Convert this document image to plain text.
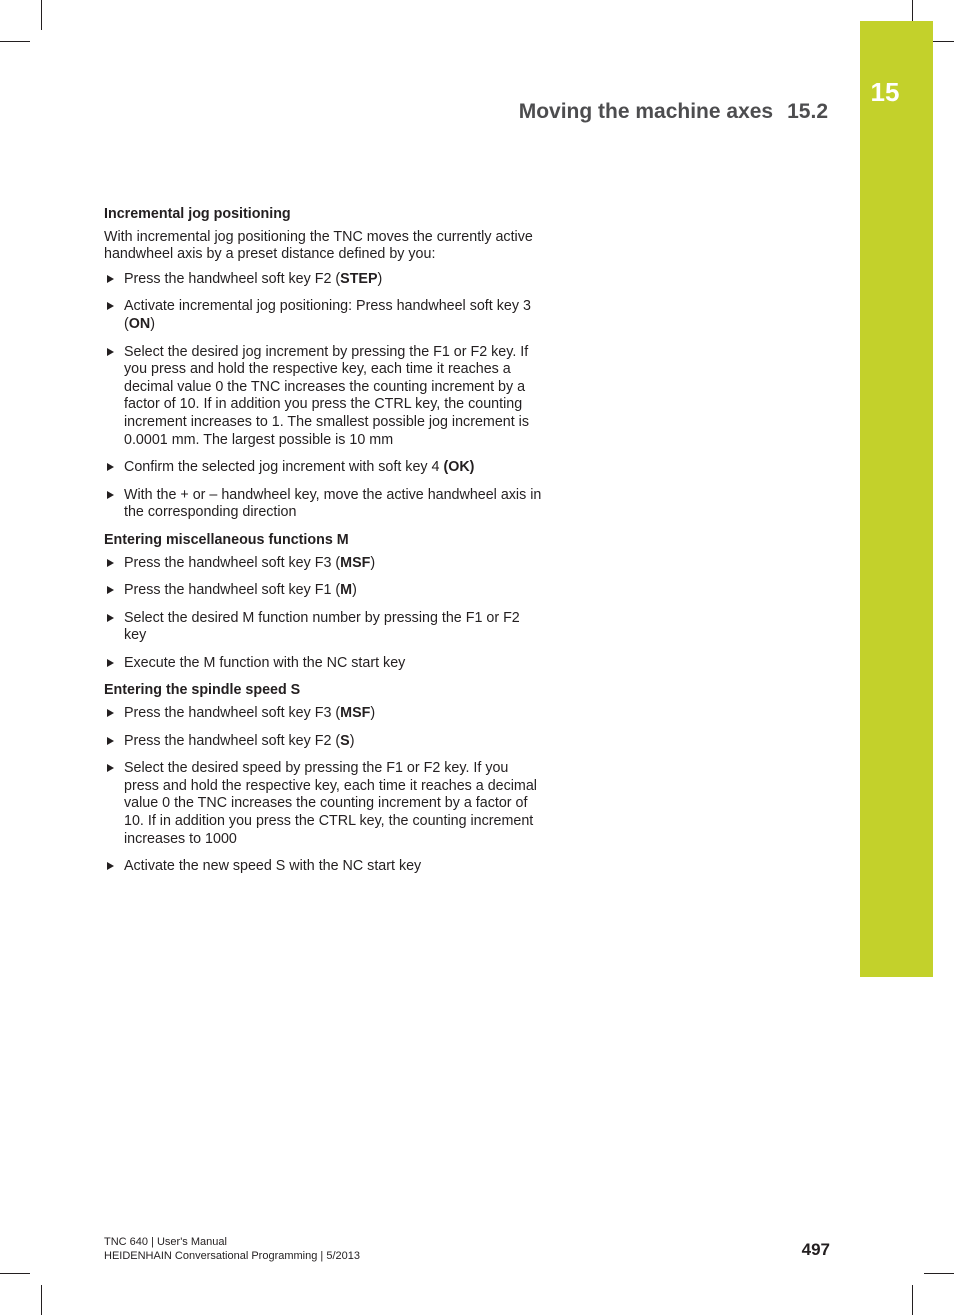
15
Moving the machine axes 15.2
Incremental jog positioning
With incremental jog positioning the TNC moves the currently active handwheel axis by a preset distance defined by you:
Press the handwheel soft key F2 (STEP)
Activate incremental jog positioning: Press handwheel soft key 3 (ON)
Select the desired jog increment by pressing the F1 or F2 key. If you press and hold the respective key, each time it reaches a decimal value 0 the TNC increases the counting increment by a factor of 10. If in addition you press the CTRL key, the counting increment increases to 1. The smallest possible jog increment is 0.0001 mm. The largest possible is 10 mm
Confirm the selected jog increment with soft key 4 (OK)
With the + or – handwheel key, move the active handwheel axis in the corresponding direction
Entering miscellaneous functions M
Press the handwheel soft key F3 (MSF)
Press the handwheel soft key F1 (M)
Select the desired M function number by pressing the F1 or F2 key
Execute the M function with the NC start key
Entering the spindle speed S
Press the handwheel soft key F3 (MSF)
Press the handwheel soft key F2 (S)
Select the desired speed by pressing the F1 or F2 key. If you press and hold the respective key, each time it reaches a decimal value 0 the TNC increases the counting increment by a factor of 10. If in addition you press the CTRL key, the counting increment increases to 1000
Activate the new speed S with the NC start key
TNC 640 | User's Manual
HEIDENHAIN Conversational Programming | 5/2013	497
